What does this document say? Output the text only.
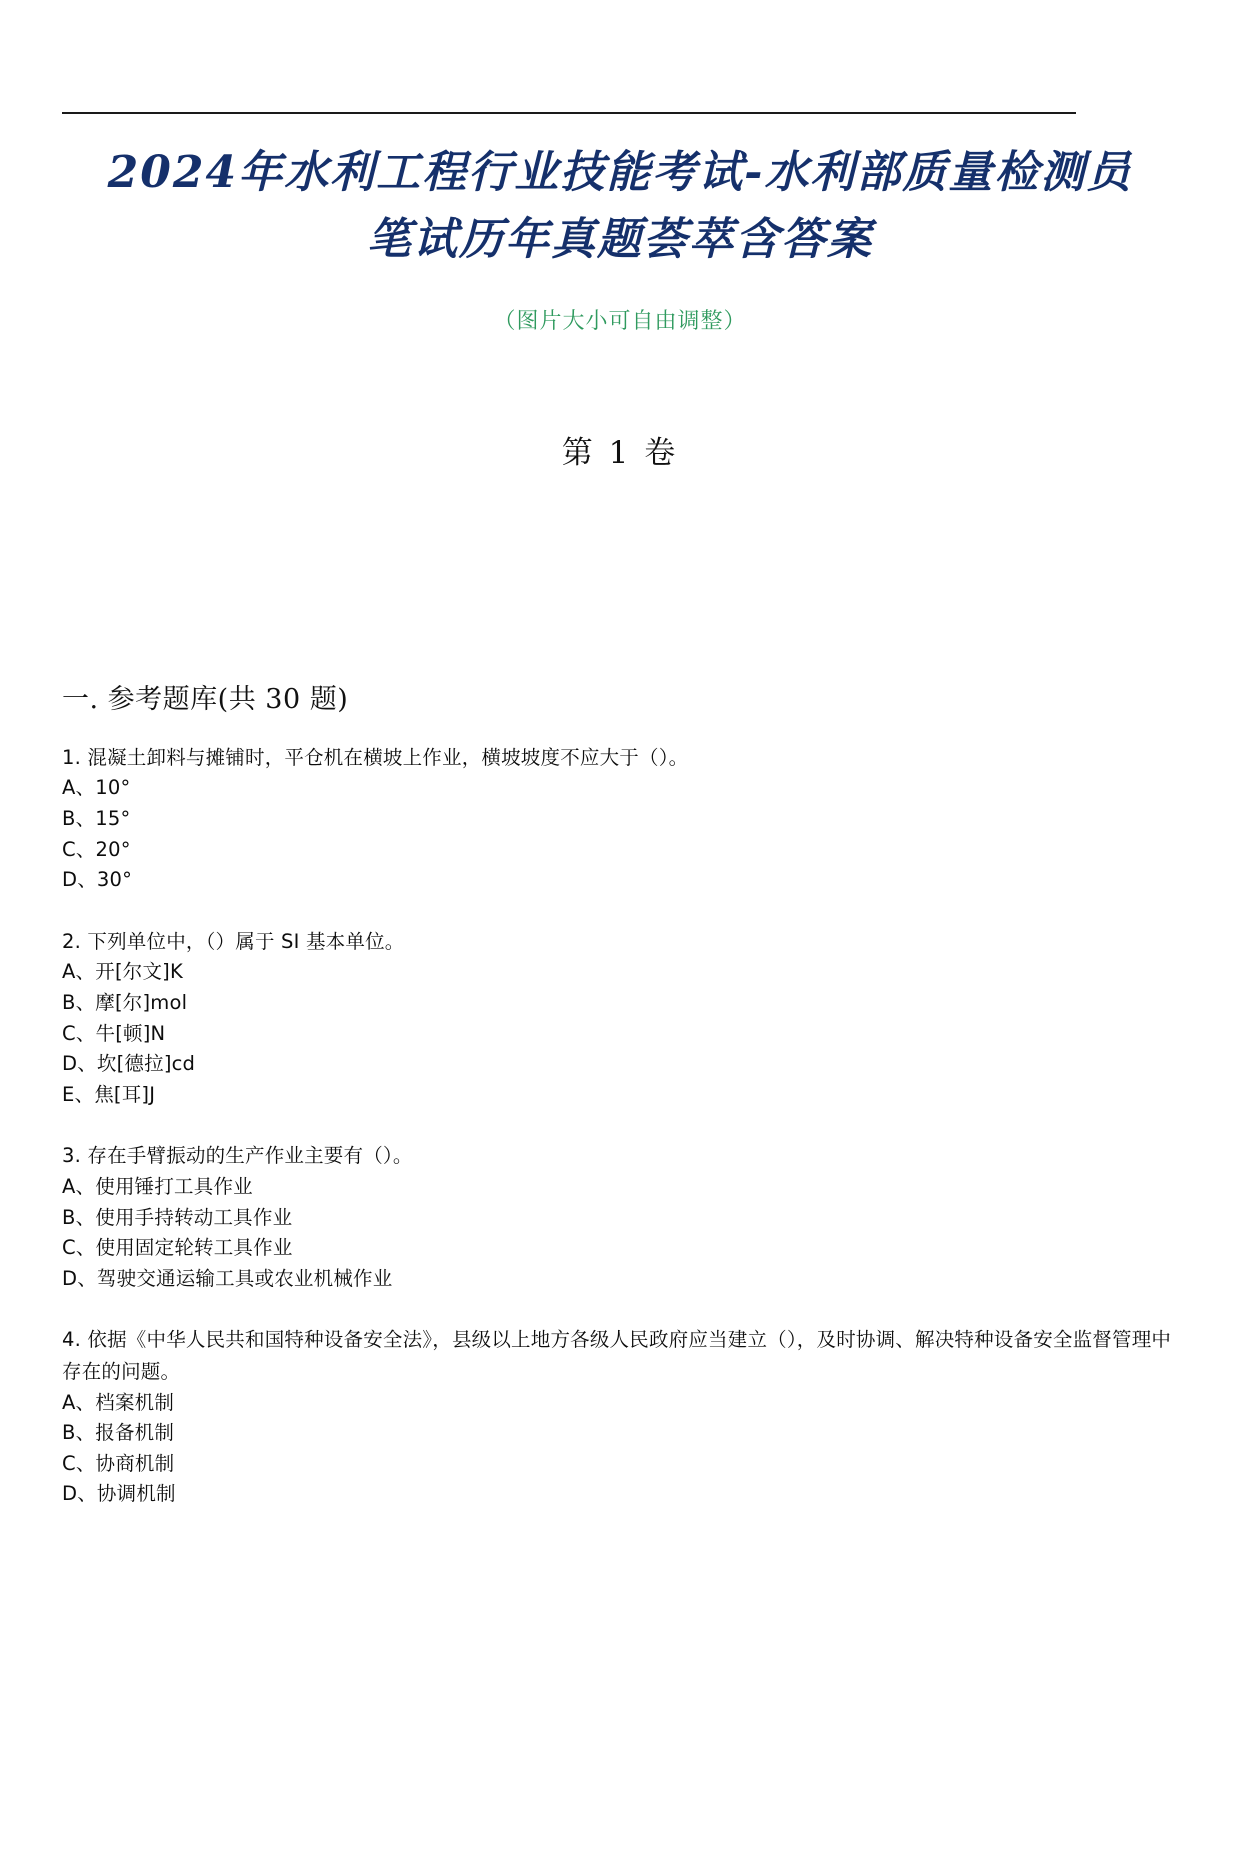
2024年水利工程行业技能考试-水利部质量检测员
笔试历年真题荟萃含答案
（图片大小可自由调整）
第 1 卷
一. 参考题库(共 30 题)
1. 混凝土卸料与摊铺时，平仓机在横坡上作业，横坡坡度不应大于（）。
A、10°
B、15°
C、20°
D、30°
2. 下列单位中，（）属于 SI 基本单位。
A、开[尔文]K
B、摩[尔]mol
C、牛[顿]N
D、坎[德拉]cd
E、焦[耳]J
3. 存在手臂振动的生产作业主要有（）。
A、使用锤打工具作业
B、使用手持转动工具作业
C、使用固定轮转工具作业
D、驾驶交通运输工具或农业机械作业
4. 依据《中华人民共和国特种设备安全法》，县级以上地方各级人民政府应当建立（），及时协调、解决特种设备安全监督管理中存在的问题。
A、档案机制
B、报备机制
C、协商机制
D、协调机制
